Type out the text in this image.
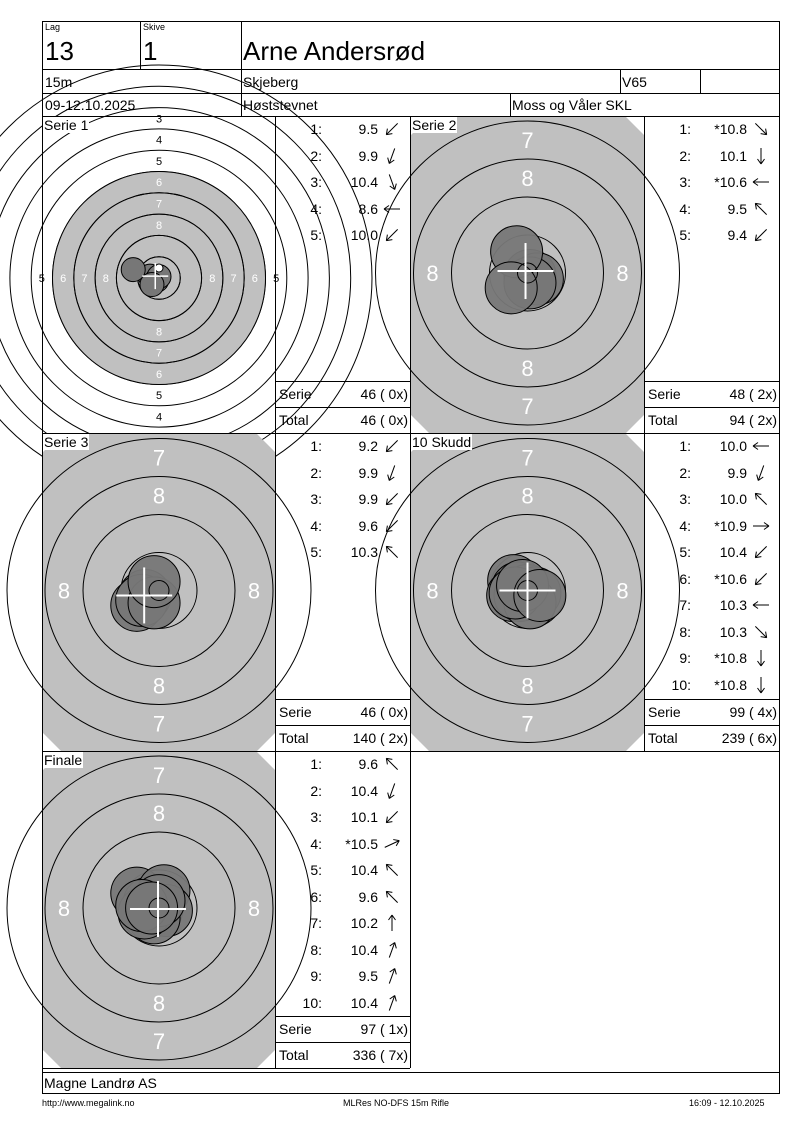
Lag
13
Skive
1	Arne Andersrød
15m	Skjeberg	V65
09-12.10.2025	Høststevnet	Moss og Våler SKL
3
4
4
5
5
5	5
6
6
6	6
7
7
7	7
8
8
8	8
Serie 1	1:	9.5
2:	9.9
3:	10.4
4:	8.6
5:	10.0
Serie	46 ( 0x)
Total	46 ( 0x)
7
7
8
8
8	8
Serie 2	1:	*10.8
2:	10.1
3:	*10.6
4:	9.5
5:	9.4
Serie	48 ( 2x)
Total	94 ( 2x)
7
7
8
8
8	8
Serie 3	1:	9.2
2:	9.9
3:	9.9
4:	9.6
5:	10.3
Serie	46 ( 0x)
Total	140 ( 2x)
7
7
8
8
8	8
10 Skudd	1:	10.0
2:	9.9
3:	10.0
4:	*10.9
5:	10.4
6:	*10.6
7:	10.3
8:	10.3
9:	*10.8
10:	*10.8
Serie	99 ( 4x)
Total	239 ( 6x)
7
7
8
8
8	8
Finale	1:	9.6
2:	10.4
3:	10.1
4:	*10.5
5:	10.4
6:	9.6
7:	10.2
8:	10.4
9:	9.5
10:	10.4
Serie	97 ( 1x)
Total	336 ( 7x)
Magne Landrø AS
http://www.megalink.no	MLRes NO-DFS 15m Rifle	16:09 - 12.10.2025
